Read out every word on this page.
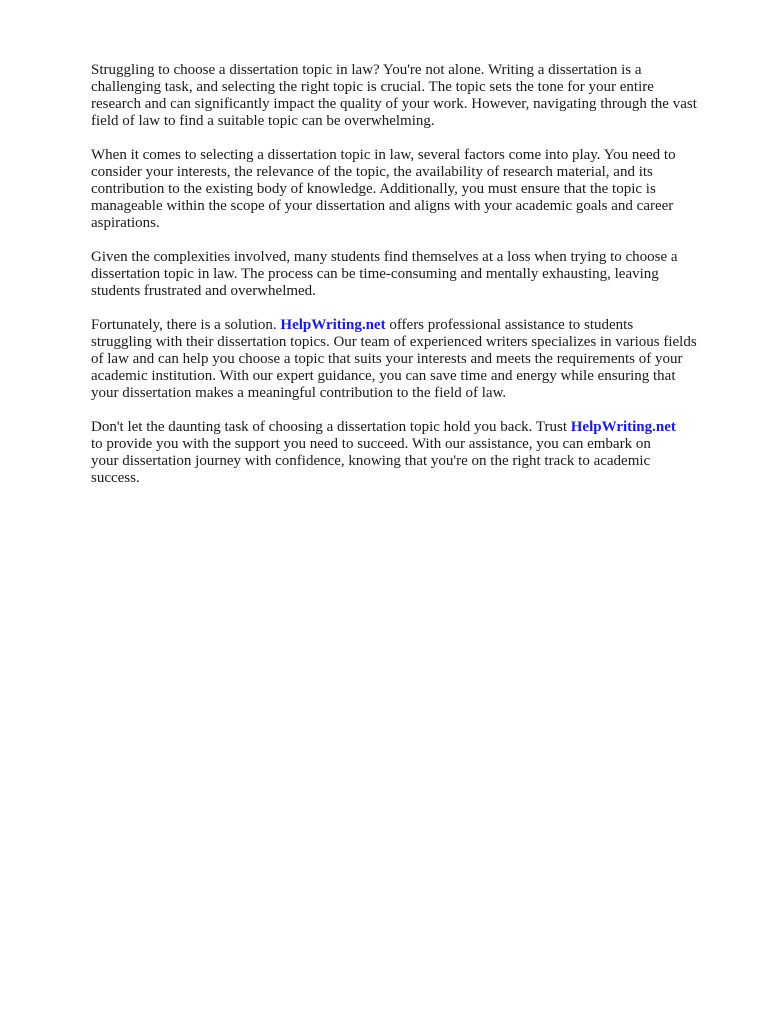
Struggling to choose a dissertation topic in law? You're not alone. Writing a dissertation is a
challenging task, and selecting the right topic is crucial. The topic sets the tone for your entire
research and can significantly impact the quality of your work. However, navigating through the vast
field of law to find a suitable topic can be overwhelming.

When it comes to selecting a dissertation topic in law, several factors come into play. You need to
consider your interests, the relevance of the topic, the availability of research material, and its
contribution to the existing body of knowledge. Additionally, you must ensure that the topic is
manageable within the scope of your dissertation and aligns with your academic goals and career
aspirations.

Given the complexities involved, many students find themselves at a loss when trying to choose a
dissertation topic in law. The process can be time-consuming and mentally exhausting, leaving
students frustrated and overwhelmed.

Fortunately, there is a solution. HelpWriting.net offers professional assistance to students
struggling with their dissertation topics. Our team of experienced writers specializes in various fields
of law and can help you choose a topic that suits your interests and meets the requirements of your
academic institution. With our expert guidance, you can save time and energy while ensuring that
your dissertation makes a meaningful contribution to the field of law.

Don't let the daunting task of choosing a dissertation topic hold you back. Trust HelpWriting.net
to provide you with the support you need to succeed. With our assistance, you can embark on
your dissertation journey with confidence, knowing that you're on the right track to academic
success.
